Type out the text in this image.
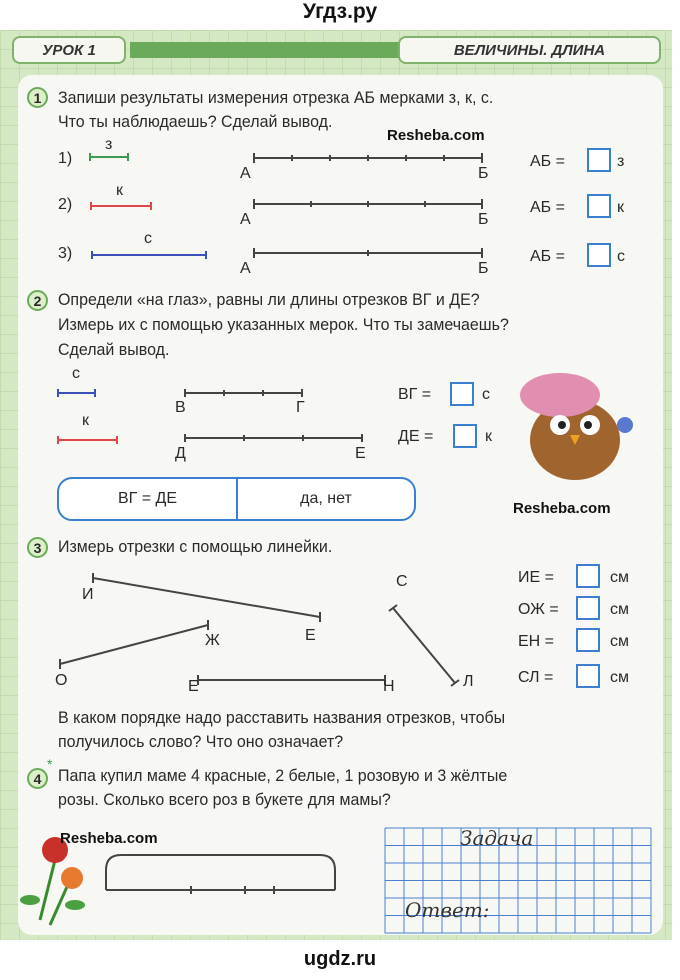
Угдз.ру
УРОК 1	ВЕЛИЧИНЫ. ДЛИНА
1 Запиши результаты измерения отрезка АБ мерками з, к, с.
Что ты наблюдаешь? Сделай вывод.
Resheba.com
1)
з
А	Б
АБ =	з
2)
к
А	Б
АБ =	к
3)
с
А	Б
АБ =	с
2 Определи «на глаз», равны ли длины отрезков ВГ и ДЕ?
Измерь их с помощью указанных мерок. Что ты замечаешь?
Сделай вывод.
с
к
В	Г
Д	Е
ВГ =	с
ДЕ =	к
ВГ = ДЕ	да, нет
Resheba.com
3 Измерь отрезки с помощью линейки.
И
Е
Ж
О	Е	Н
С
Л
ИЕ =	см
ОЖ =	см
ЕН =	см
СЛ =	см
В каком порядке надо расставить названия отрезков, чтобы
получилось слово? Что оно означает?
4
*
Папа купил маме 4 красные, 2 белые, 1 розовую и 3 жёлтые
розы. Сколько всего роз в букете для мамы?
Resheba.com	Задача
Ответ:
ugdz.ru
